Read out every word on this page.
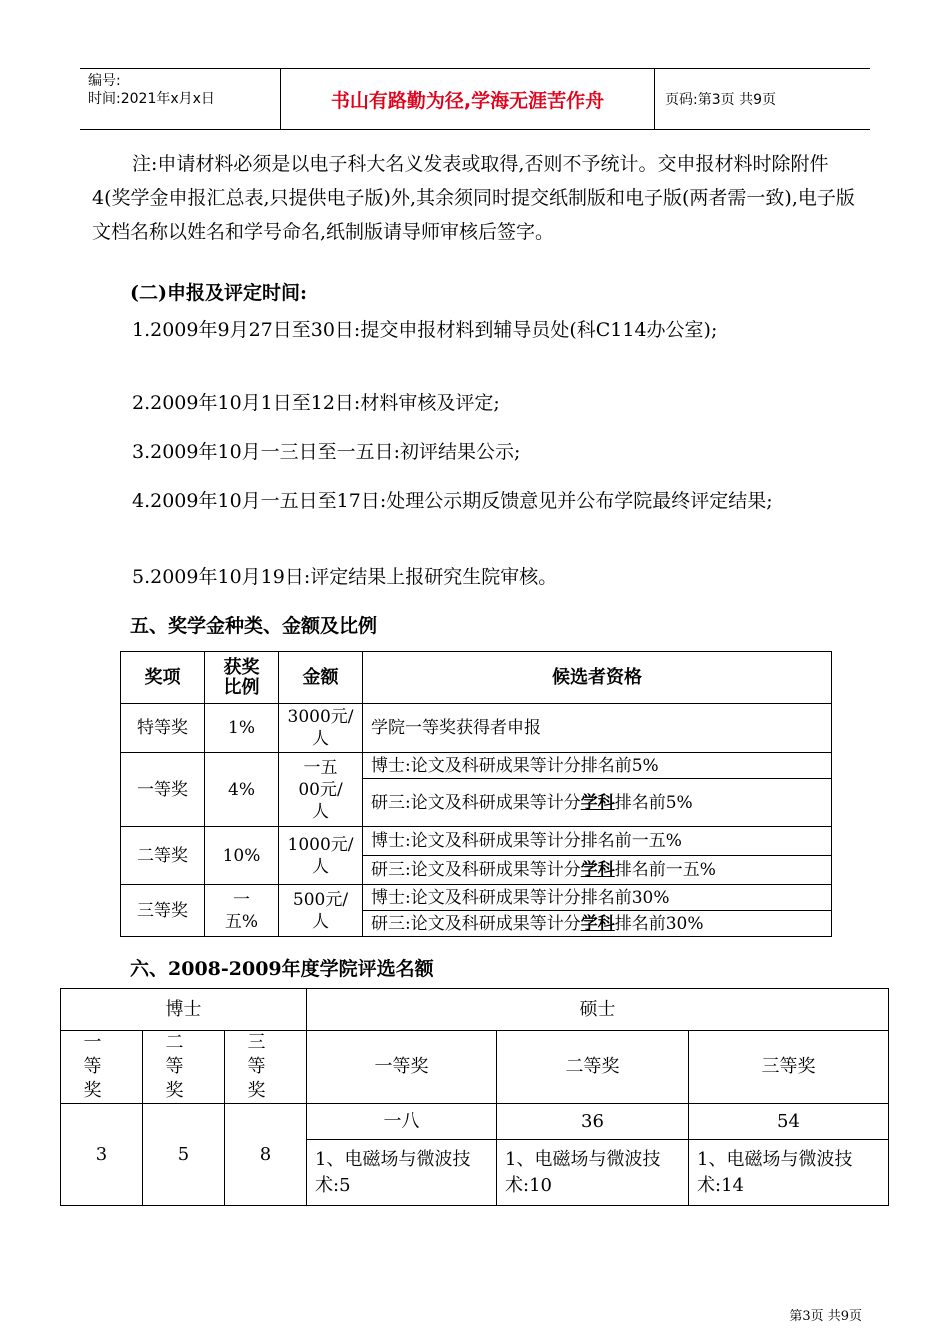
编号:
时间:2021年x月x日	书山有路勤为径,学海无涯苦作舟	页码:第3页 共9页
注:申请材料必须是以电子科大名义发表或取得,否则不予统计。交申报材料时除附件4(奖学金申报汇总表,只提供电子版)外,其余须同时提交纸制版和电子版(两者需一致),电子版文档名称以姓名和学号命名,纸制版请导师审核后签字。
(二)申报及评定时间:
1.2009年9月27日至30日:提交申报材料到辅导员处(科C114办公室);
2.2009年10月1日至12日:材料审核及评定;
3.2009年10月一三日至一五日:初评结果公示;
4.2009年10月一五日至17日:处理公示期反馈意见并公布学院最终评定结果;
5.2009年10月19日:评定结果上报研究生院审核。
五、奖学金种类、金额及比例
奖项	获奖比例	金额	候选者资格
特等奖	1%	3000元/人	学院一等奖获得者申报
一等奖	4%	一五00元/人	博士:论文及科研成果等计分排名前5%
			研三:论文及科研成果等计分学科排名前5%
二等奖	10%	1000元/人	博士:论文及科研成果等计分排名前一五%
			研三:论文及科研成果等计分学科排名前一五%
三等奖	一五%	500元/人	博士:论文及科研成果等计分排名前30%
			研三:论文及科研成果等计分学科排名前30%
六、2008-2009年度学院评选名额
博士			硕士		
一等奖	二等奖	三等奖	一等奖	二等奖	三等奖
3	5	8	一八	36	54
			1、电磁场与微波技术:5	1、电磁场与微波技术:10	1、电磁场与微波技术:14
第3页 共9页
